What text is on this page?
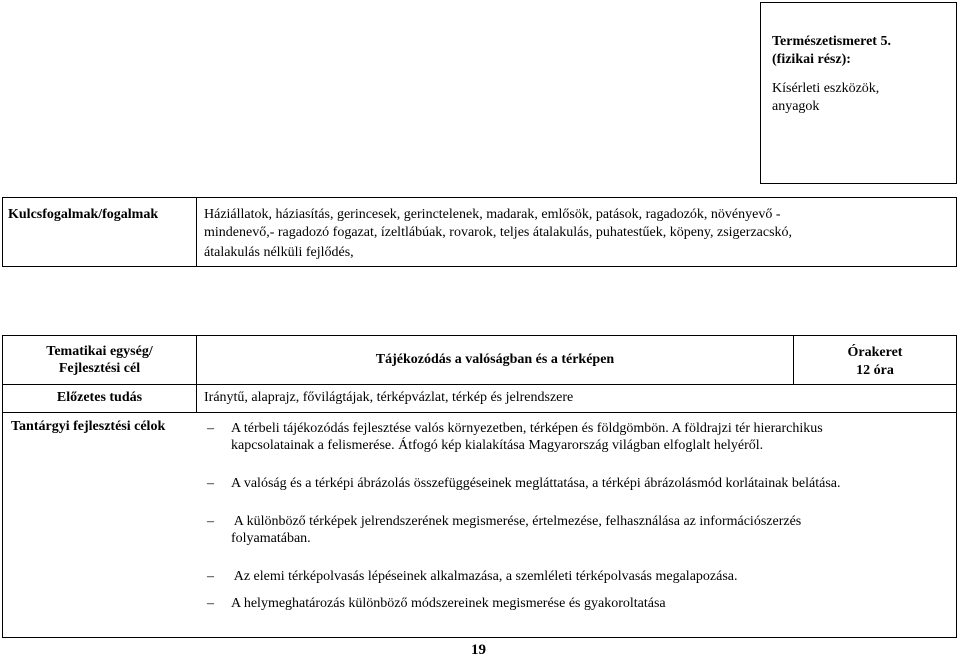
Természetismeret 5.
(fizikai rész):
Kísérleti eszközök,
anyagok
Kulcsfogalmak/fogalmak	Háziállatok, háziasítás, gerincesek, gerinctelenek, madarak, emlősök, patások, ragadozók, növényevő -
mindenevő,- ragadozó fogazat, ízeltlábúak, rovarok, teljes átalakulás, puhatestűek, köpeny, zsigerzacskó,
átalakulás nélküli fejlődés,
Tematikai egység/
Fejlesztési cél
Tájékozódás a valóságban és a térképen	Órakeret
12 óra
Előzetes tudás	Iránytű, alaprajz, fővilágtájak, térképvázlat, térkép és jelrendszere
Tantárgyi fejlesztési célok	– A térbeli tájékozódás fejlesztése valós környezetben, térképen és földgömbön. A földrajzi tér hierarchikus
kapcsolatainak a felismerése. Átfogó kép kialakítása Magyarország világban elfoglalt helyéről.
– A valóság és a térképi ábrázolás összefüggéseinek megláttatása, a térképi ábrázolásmód korlátainak belátása.
– A különböző térképek jelrendszerének megismerése, értelmezése, felhasználása az információszerzés
folyamatában.
– Az elemi térképolvasás lépéseinek alkalmazása, a szemléleti térképolvasás megalapozása.
– A helymeghatározás különböző módszereinek megismerése és gyakoroltatása
19
